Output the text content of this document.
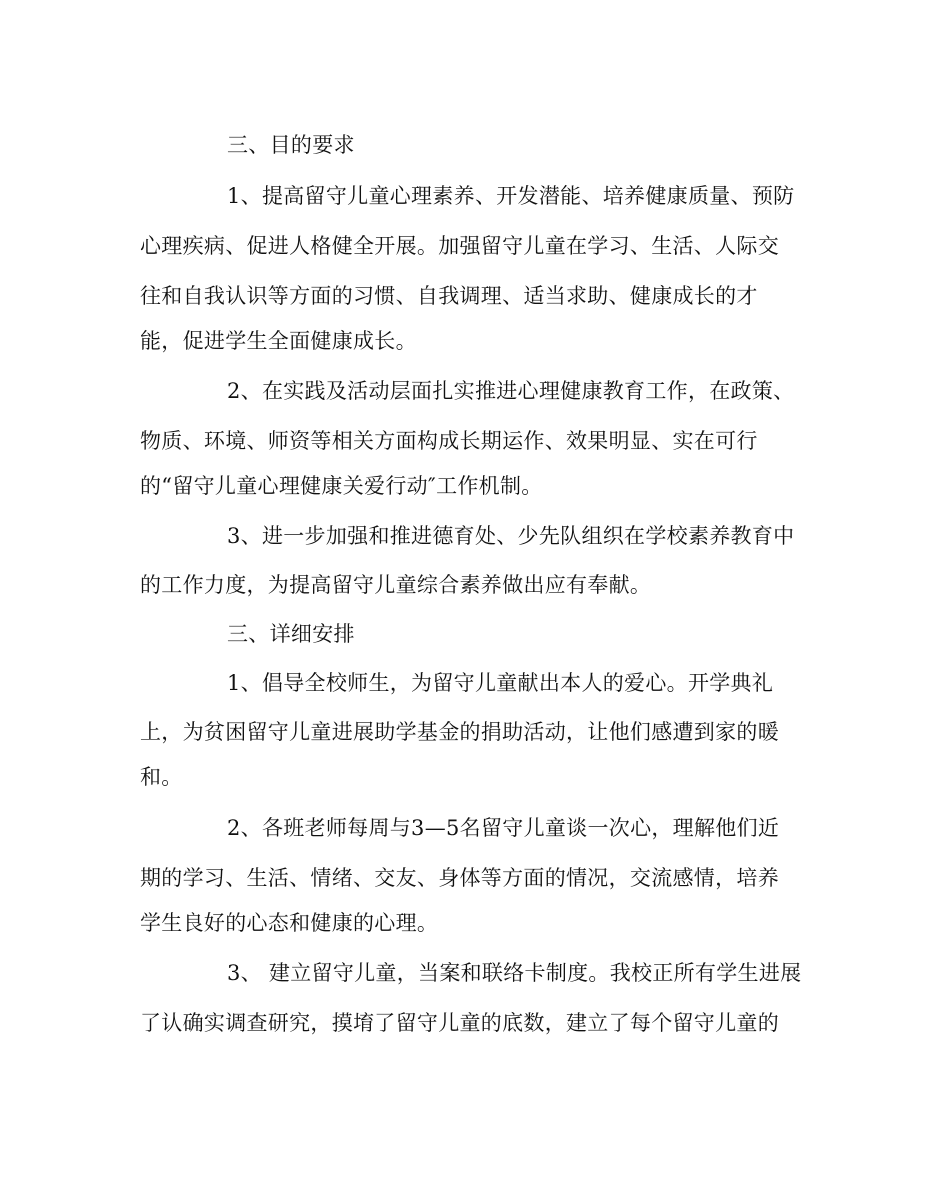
三、目的要求
1、提高留守儿童心理素养、开发潜能、培养健康质量、预防
心理疾病、促进人格健全开展。加强留守儿童在学习、生活、人际交
往和自我认识等方面的习惯、自我调理、适当求助、健康成长的才
能，促进学生全面健康成长。
2、在实践及活动层面扎实推进心理健康教育工作，在政策、
物质、环境、师资等相关方面构成长期运作、效果明显、实在可行
的“留守儿童心理健康关爱行动″工作机制。
3、进一步加强和推进德育处、少先队组织在学校素养教育中
的工作力度，为提高留守儿童综合素养做出应有奉献。
三、详细安排
1、倡导全校师生，为留守儿童献出本人的爱心。开学典礼
上，为贫困留守儿童进展助学基金的捐助活动，让他们感遭到家的暖
和。
2、各班老师每周与3—5名留守儿童谈一次心，理解他们近
期的学习、生活、情绪、交友、身体等方面的情况，交流感情，培养
学生良好的心态和健康的心理。
3、 建立留守儿童，当案和联络卡制度。我校正所有学生进展
了认确实调查研究，摸堉了留守儿童的底数，建立了每个留守儿童的
